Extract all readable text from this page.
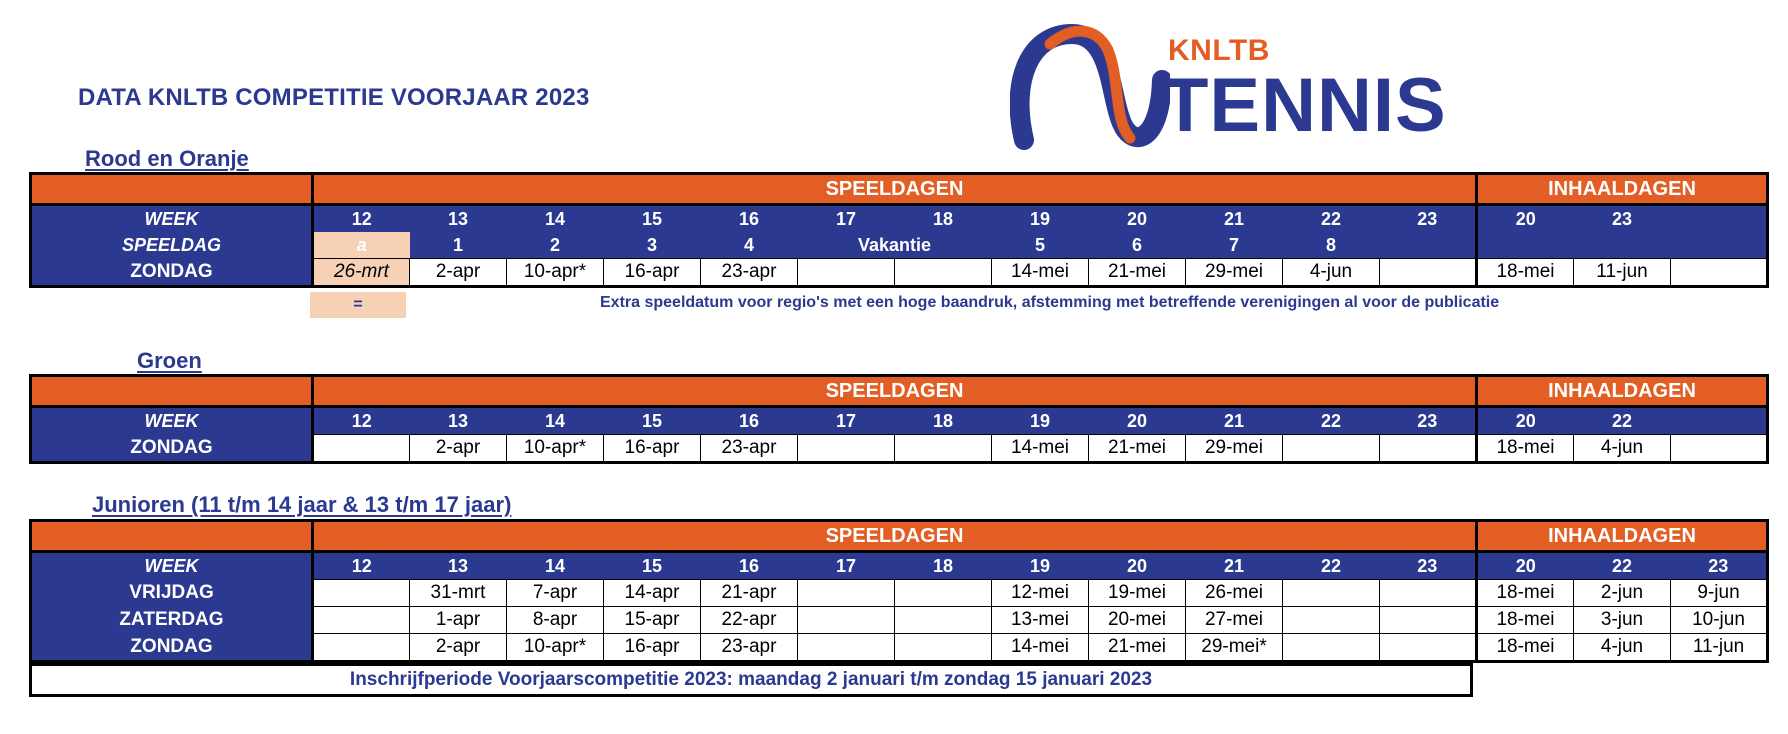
DATA KNLTB COMPETITIE VOORJAAR 2023
KNLTB
TENNIS
Rood en Oranje
	SPEELDAGEN												INHAALDAGEN		
WEEK	12	13	14	15	16	17	18	19	20	21	22	23	20	23	
SPEELDAG	a	1	2	3	4	Vakantie		5	6	7	8				
ZONDAG	26-mrt	2-apr	10-apr*	16-apr	23-apr			14-mei	21-mei	29-mei	4-jun		18-mei	11-jun	
=	Extra speeldatum voor regio's met een hoge baandruk, afstemming met betreffende verenigingen al voor de publicatie
Groen
	SPEELDAGEN												INHAALDAGEN		
WEEK	12	13	14	15	16	17	18	19	20	21	22	23	20	22	
ZONDAG		2-apr	10-apr*	16-apr	23-apr			14-mei	21-mei	29-mei			18-mei	4-jun	
Junioren (11 t/m 14 jaar & 13 t/m 17 jaar)
	SPEELDAGEN												INHAALDAGEN		
WEEK	12	13	14	15	16	17	18	19	20	21	22	23	20	22	23
VRIJDAG		31-mrt	7-apr	14-apr	21-apr			12-mei	19-mei	26-mei			18-mei	2-jun	9-jun
ZATERDAG		1-apr	8-apr	15-apr	22-apr			13-mei	20-mei	27-mei			18-mei	3-jun	10-jun
ZONDAG		2-apr	10-apr*	16-apr	23-apr			14-mei	21-mei	29-mei*			18-mei	4-jun	11-jun
Inschrijfperiode Voorjaarscompetitie 2023: maandag 2 januari t/m zondag 15 januari 2023
